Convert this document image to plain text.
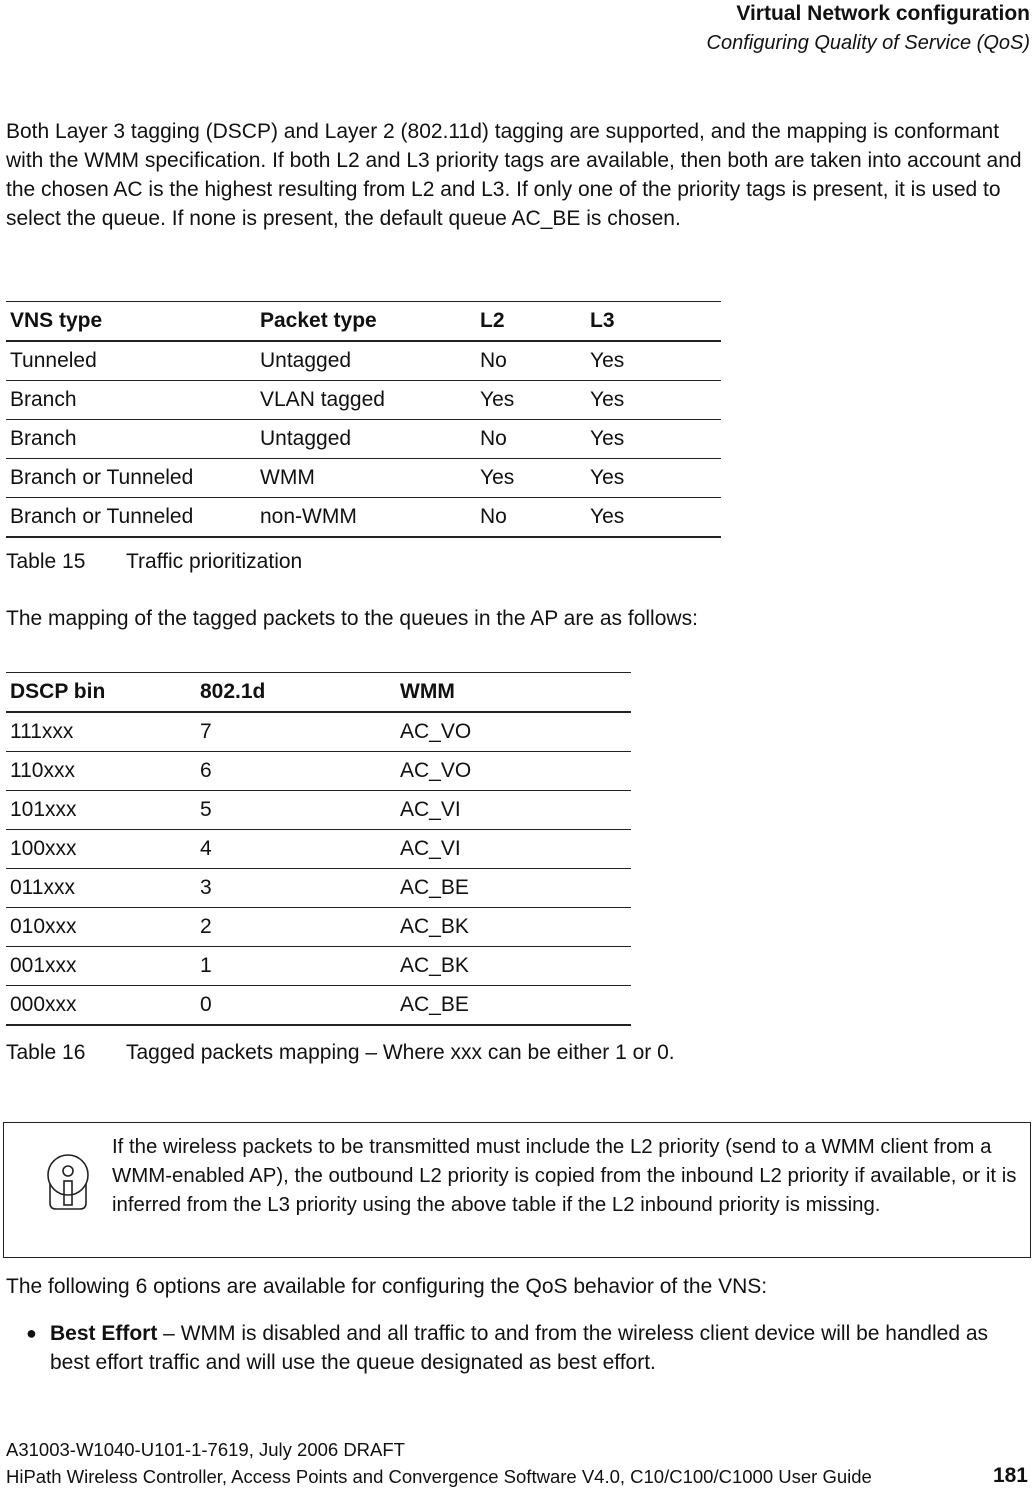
Virtual Network configuration
Configuring Quality of Service (QoS)

Both Layer 3 tagging (DSCP) and Layer 2 (802.11d) tagging are supported, and the mapping is conformant with the WMM specification. If both L2 and L3 priority tags are available, then both are taken into account and the chosen AC is the highest resulting from L2 and L3. If only one of the priority tags is present, it is used to select the queue. If none is present, the default queue AC_BE is chosen.

VNS type	Packet type	L2	L3
Tunneled	Untagged	No	Yes
Branch	VLAN tagged	Yes	Yes
Branch	Untagged	No	Yes
Branch or Tunneled	WMM	Yes	Yes
Branch or Tunneled	non-WMM	No	Yes
Table 15 Traffic prioritization

The mapping of the tagged packets to the queues in the AP are as follows:

DSCP bin	802.1d	WMM
111xxx	7	AC_VO
110xxx	6	AC_VO
101xxx	5	AC_VI
100xxx	4	AC_VI
011xxx	3	AC_BE
010xxx	2	AC_BK
001xxx	1	AC_BK
000xxx	0	AC_BE
Table 16 Tagged packets mapping – Where xxx can be either 1 or 0.

If the wireless packets to be transmitted must include the L2 priority (send to a WMM client from a WMM-enabled AP), the outbound L2 priority is copied from the inbound L2 priority if available, or it is inferred from the L3 priority using the above table if the L2 inbound priority is missing.

The following 6 options are available for configuring the QoS behavior of the VNS:

● Best Effort – WMM is disabled and all traffic to and from the wireless client device will be handled as best effort traffic and will use the queue designated as best effort.

A31003-W1040-U101-1-7619, July 2006 DRAFT
HiPath Wireless Controller, Access Points and Convergence Software V4.0, C10/C100/C1000 User Guide	181
